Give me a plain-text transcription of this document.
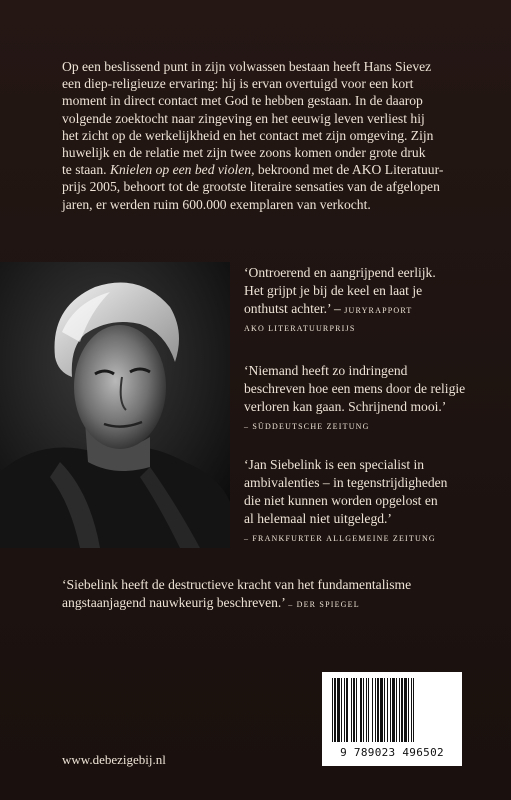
Op een beslissend punt in zijn volwassen bestaan heeft Hans Sievez

een diep-religieuze ervaring: hij is ervan overtuigd voor een kort

moment in direct contact met God te hebben gestaan. In de daarop

volgende zoektocht naar zingeving en het eeuwig leven verliest hij

het zicht op de werkelijkheid en het contact met zijn omgeving. Zijn

huwelijk en de relatie met zijn twee zoons komen onder grote druk

te staan. Knielen op een bed violen, bekroond met de AKO Literatuur-

prijs 2005, behoort tot de grootste literaire sensaties van de afgelopen

jaren, er werden ruim 600.000 exemplaren van verkocht.

‘Ontroerend en aangrijpend eerlijk.
Het grijpt je bij de keel en laat je
onthutst achter.’ – juryrapport
ako literatuurprijs
‘Niemand heeft zo indringend
beschreven hoe een mens door de religie
verloren kan gaan. Schrijnend mooi.’
– süddeutsche zeitung
‘Jan Siebelink is een specialist in
ambivalenties – in tegenstrijdigheden
die niet kunnen worden opgelost en
al helemaal niet uitgelegd.’
– frankfurter allgemeine zeitung
‘Siebelink heeft de destructieve kracht van het fundamentalisme
angstaanjagend nauwkeurig beschreven.’ – der spiegel
www.debezigebij.nl	9 789023 496502
